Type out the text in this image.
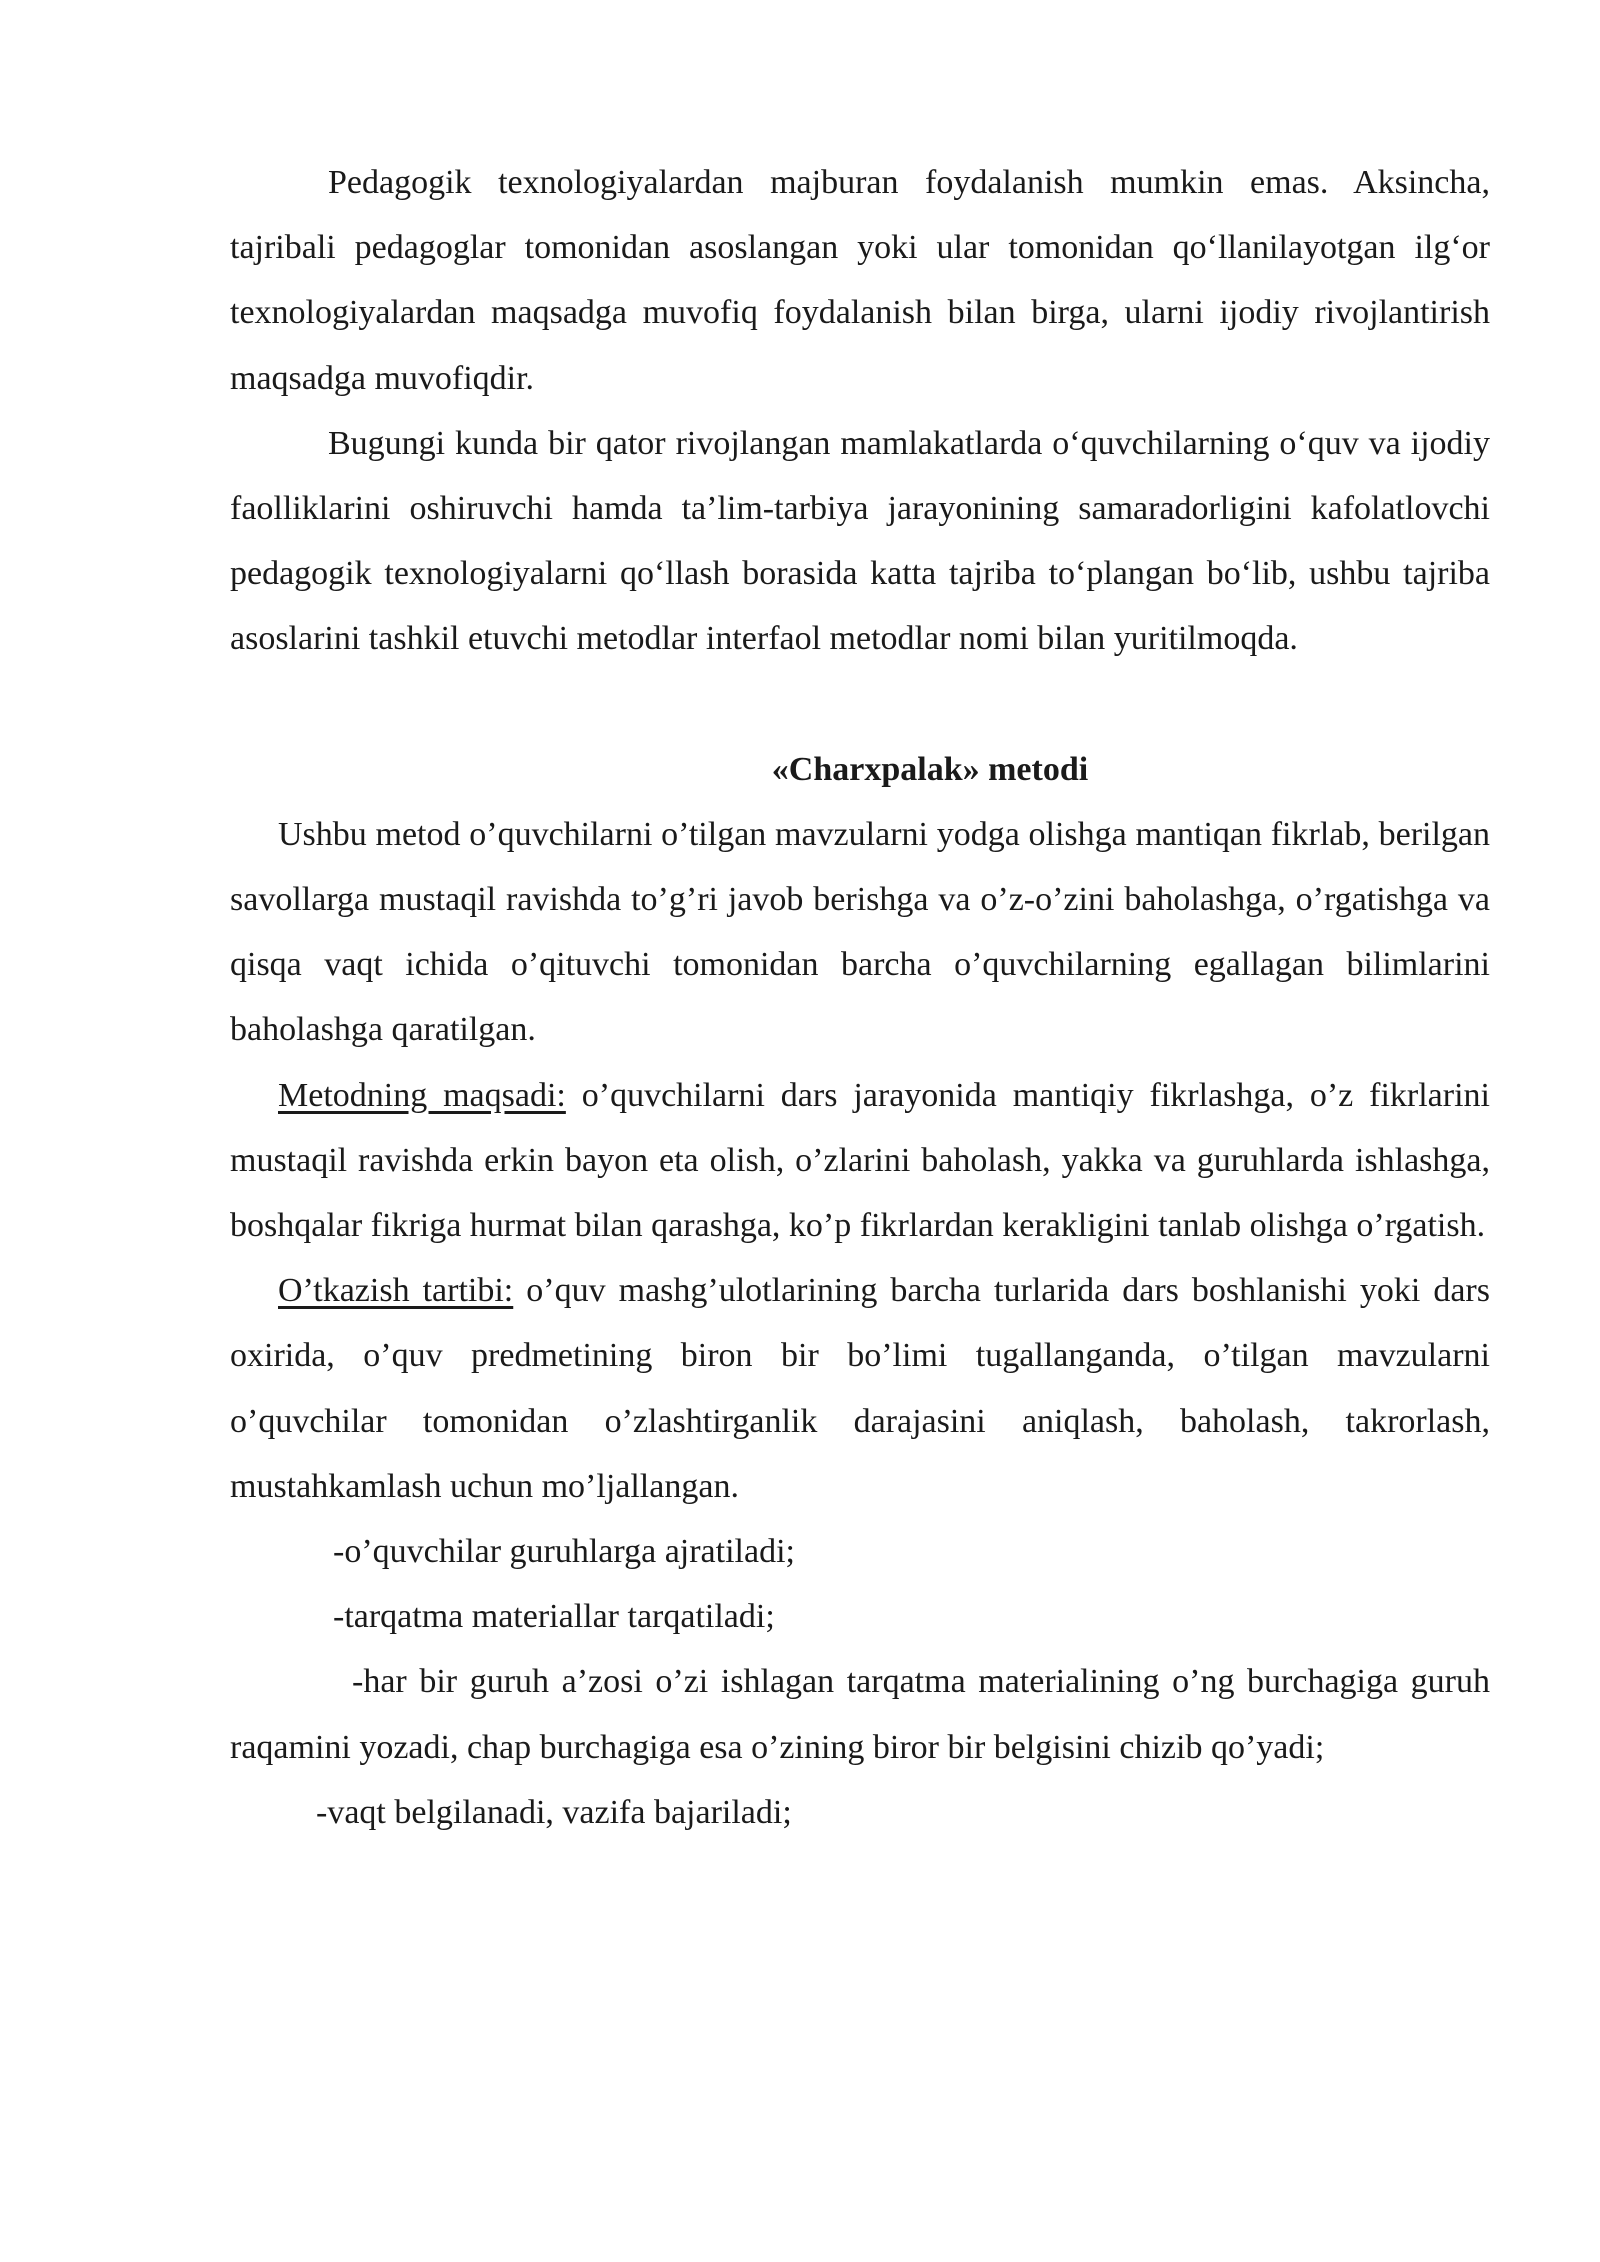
Pedagogik texnologiyalardan majburan foydalanish mumkin emas. Aksincha, tajribali pedagoglar tomonidan asoslangan yoki ular tomonidan qo‘llanilayotgan ilg‘or texnologiyalardan maqsadga muvofiq foydalanish bilan birga, ularni ijodiy rivojlantirish maqsadga muvofiqdir.

Bugungi kunda bir qator rivojlangan mamlakatlarda o‘quvchilarning o‘quv va ijodiy faolliklarini oshiruvchi hamda ta’lim-tarbiya jarayonining samaradorligini kafolatlovchi pedagogik texnologiyalarni qo‘llash borasida katta tajriba to‘plangan bo‘lib, ushbu tajriba asoslarini tashkil etuvchi metodlar interfaol metodlar nomi bilan yuritilmoqda.

«Charxpalak» metodi

Ushbu metod o’quvchilarni o’tilgan mavzularni yodga olishga mantiqan fikrlab, berilgan savollarga mustaqil ravishda to’g’ri javob berishga va o’z-o’zini baholashga, o’rgatishga va qisqa vaqt ichida o’qituvchi tomonidan barcha o’quvchilarning egallagan bilimlarini baholashga qaratilgan.

Metodning maqsadi: o’quvchilarni dars jarayonida mantiqiy fikrlashga, o’z fikrlarini mustaqil ravishda erkin bayon eta olish, o’zlarini baholash, yakka va guruhlarda ishlashga, boshqalar fikriga hurmat bilan qarashga, ko’p fikrlardan kerakligini tanlab olishga o’rgatish.

O’tkazish tartibi: o’quv mashg’ulotlarining barcha turlarida dars boshlanishi yoki dars oxirida, o’quv predmetining biron bir bo’limi tugallanganda, o’tilgan mavzularni o’quvchilar tomonidan o’zlashtirganlik darajasini aniqlash, baholash, takrorlash, mustahkamlash uchun mo’ljallangan.

-o’quvchilar guruhlarga ajratiladi;

-tarqatma materiallar tarqatiladi;

-har bir guruh a’zosi o’zi ishlagan tarqatma materialining o’ng burchagiga guruh raqamini yozadi, chap burchagiga esa o’zining biror bir belgisini chizib qo’yadi;

-vaqt belgilanadi, vazifa bajariladi;
